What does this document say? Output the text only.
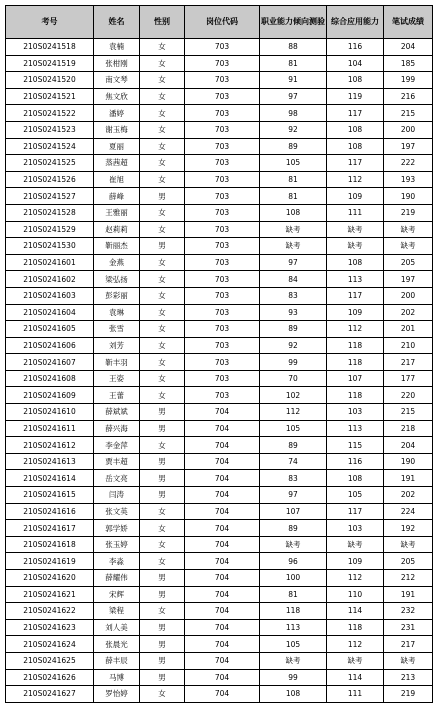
考号	姓名	性别	岗位代码	职业能力倾向测验	综合应用能力	笔试成绩
210S0241518	袁楠	女	703	88	116	204
210S0241519	张柑刚	女	703	81	104	185
210S0241520	南文琴	女	703	91	108	199
210S0241521	焦文欣	女	703	97	119	216
210S0241522	潘婷	女	703	98	117	215
210S0241523	谢玉梅	女	703	92	108	200
210S0241524	夏丽	女	703	89	108	197
210S0241525	蒸茜超	女	703	105	117	222
210S0241526	崔旭	女	703	81	112	193
210S0241527	薛峰	男	703	81	109	190
210S0241528	王雅丽	女	703	108	111	219
210S0241529	赵莉莉	女	703	缺考	缺考	缺考
210S0241530	靳丽杰	男	703	缺考	缺考	缺考
210S0241601	金燕	女	703	97	108	205
210S0241602	梁弘扬	女	703	84	113	197
210S0241603	彭彩丽	女	703	83	117	200
210S0241604	袁琳	女	703	93	109	202
210S0241605	张雪	女	703	89	112	201
210S0241606	刘芳	女	703	92	118	210
210S0241607	靳丰羽	女	703	99	118	217
210S0241608	王姿	女	703	70	107	177
210S0241609	王蕾	女	703	102	118	220
210S0241610	薛斌斌	男	704	112	103	215
210S0241611	薛兴海	男	704	105	113	218
210S0241612	李金萍	女	704	89	115	204
210S0241613	贾丰超	男	704	74	116	190
210S0241614	岳文亮	男	704	83	108	191
210S0241615	闫涛	男	704	97	105	202
210S0241616	张文英	女	704	107	117	224
210S0241617	郭学娇	女	704	89	103	192
210S0241618	张玉婷	女	704	缺考	缺考	缺考
210S0241619	李淼	女	704	96	109	205
210S0241620	薛耀伟	男	704	100	112	212
210S0241621	宋辉	男	704	81	110	191
210S0241622	梁程	女	704	118	114	232
210S0241623	刘人美	男	704	113	118	231
210S0241624	张晨光	男	704	105	112	217
210S0241625	薛丰辰	男	704	缺考	缺考	缺考
210S0241626	马博	男	704	99	114	213
210S0241627	罗怡婷	女	704	108	111	219
